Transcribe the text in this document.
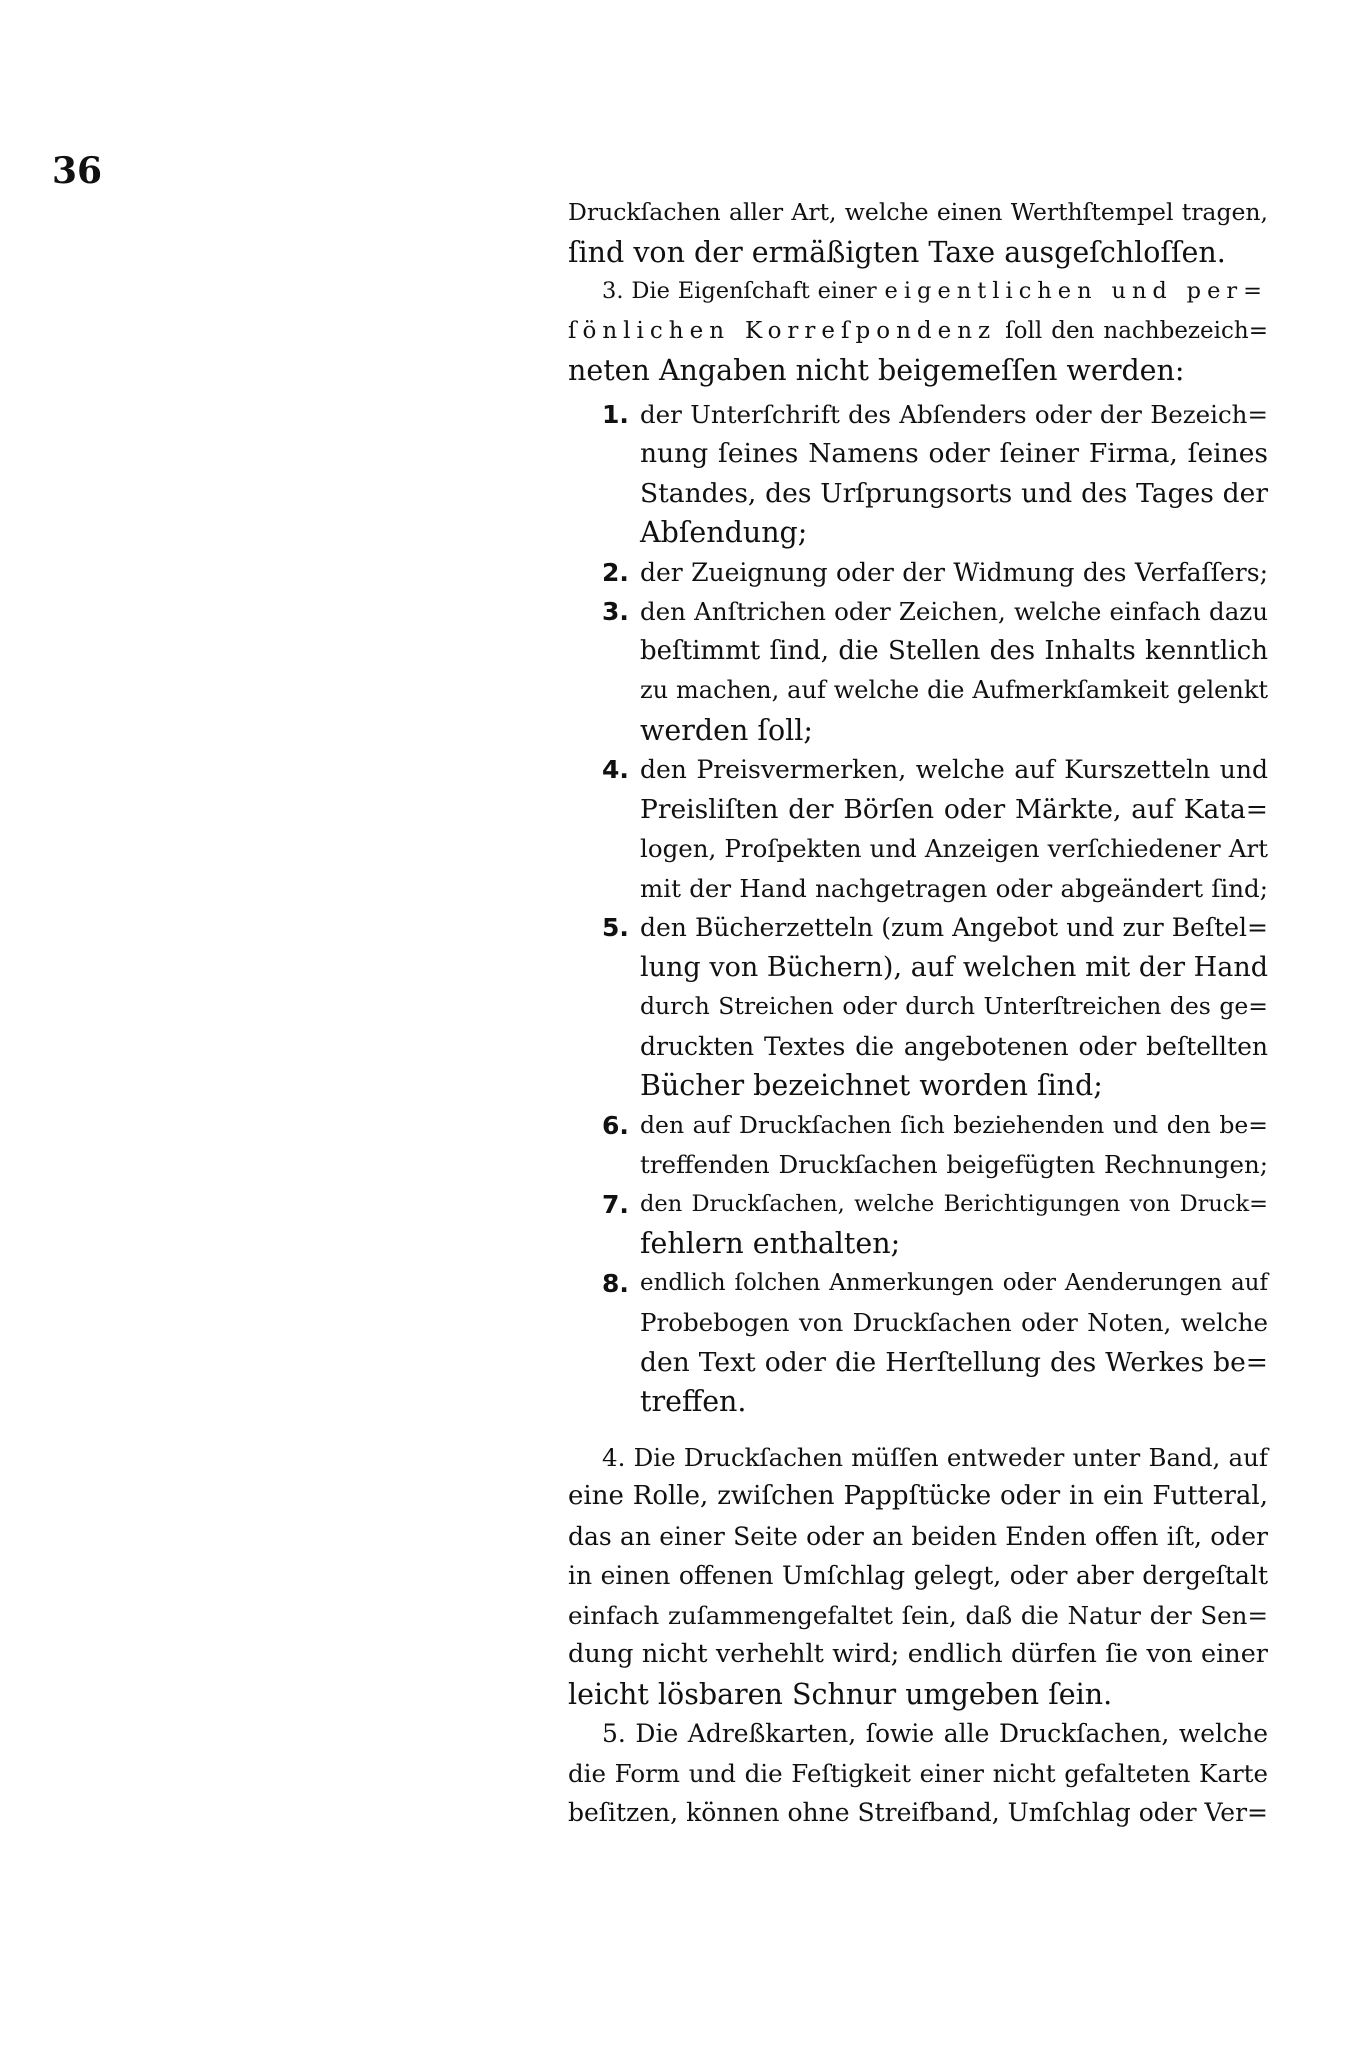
36
Druckſachen aller Art, welche einen Werthſtempel tragen,
ſind von der ermäßigten Taxe ausgeſchloſſen.
3. Die Eigenſchaft einer eigentlichen und per=
ſönlichen Korreſpondenz ſoll den nachbezeich=
neten Angaben nicht beigemeſſen werden:
1. der Unterſchrift des Abſenders oder der Bezeich=
nung ſeines Namens oder ſeiner Firma, ſeines
Standes, des Urſprungsorts und des Tages der
Abſendung;
2. der Zueignung oder der Widmung des Verfaſſers;
3. den Anſtrichen oder Zeichen, welche einfach dazu
beſtimmt ſind, die Stellen des Inhalts kenntlich
zu machen, auf welche die Aufmerkſamkeit gelenkt
werden ſoll;
4. den Preisvermerken, welche auf Kurszetteln und
Preisliſten der Börſen oder Märkte, auf Kata=
logen, Proſpekten und Anzeigen verſchiedener Art
mit der Hand nachgetragen oder abgeändert ſind;
5. den Bücherzetteln (zum Angebot und zur Beſtel=
lung von Büchern), auf welchen mit der Hand
durch Streichen oder durch Unterſtreichen des ge=
druckten Textes die angebotenen oder beſtellten
Bücher bezeichnet worden ſind;
6. den auf Druckſachen ſich beziehenden und den be=
treffenden Druckſachen beigefügten Rechnungen;
7. den Druckſachen, welche Berichtigungen von Druck=
fehlern enthalten;
8. endlich ſolchen Anmerkungen oder Aenderungen auf
Probebogen von Druckſachen oder Noten, welche
den Text oder die Herſtellung des Werkes be=
treffen.
4. Die Druckſachen müſſen entweder unter Band, auf
eine Rolle, zwiſchen Pappſtücke oder in ein Futteral,
das an einer Seite oder an beiden Enden offen iſt, oder
in einen offenen Umſchlag gelegt, oder aber dergeſtalt
einfach zuſammengefaltet ſein, daß die Natur der Sen=
dung nicht verhehlt wird; endlich dürfen ſie von einer
leicht lösbaren Schnur umgeben ſein.
5. Die Adreßkarten, ſowie alle Druckſachen, welche
die Form und die Feſtigkeit einer nicht gefalteten Karte
beſitzen, können ohne Streifband, Umſchlag oder Ver=
